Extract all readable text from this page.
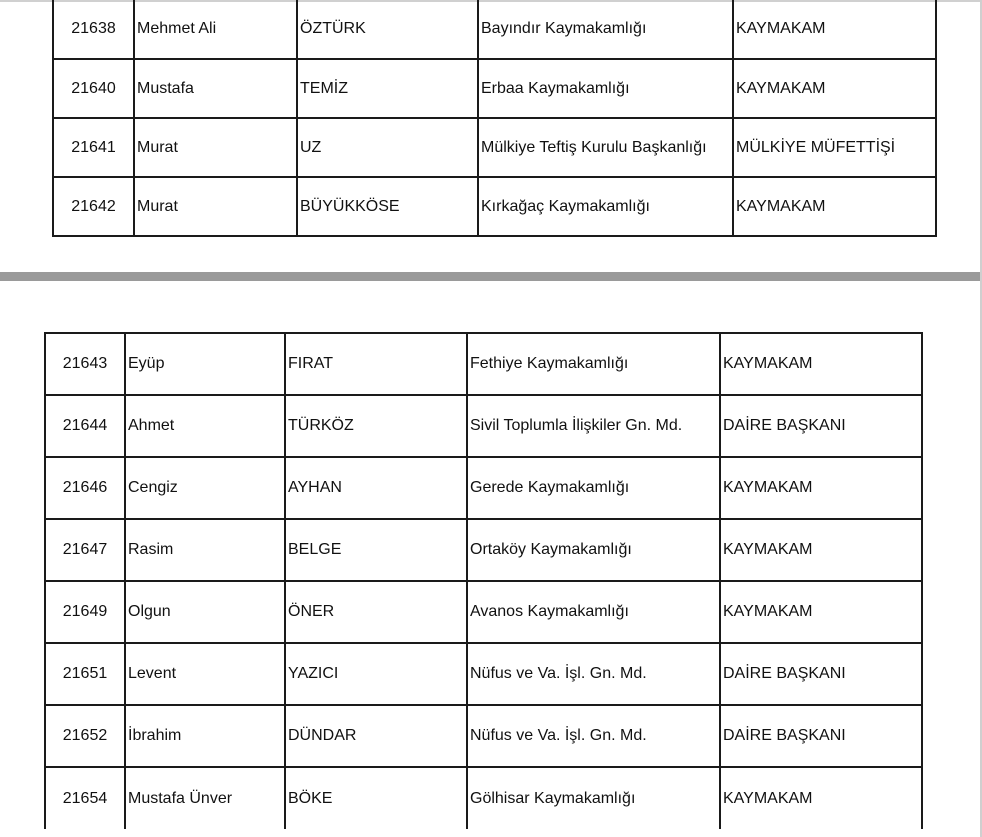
21638	Mehmet Ali	ÖZTÜRK	Bayındır Kaymakamlığı	KAYMAKAM
21640	Mustafa	TEMİZ	Erbaa Kaymakamlığı	KAYMAKAM
21641	Murat	UZ	Mülkiye Teftiş Kurulu Başkanlığı	MÜLKİYE MÜFETTİŞİ
21642	Murat	BÜYÜKKÖSE	Kırkağaç Kaymakamlığı	KAYMAKAM
21643	Eyüp	FIRAT	Fethiye Kaymakamlığı	KAYMAKAM
21644	Ahmet	TÜRKÖZ	Sivil Toplumla İlişkiler Gn. Md.	DAİRE BAŞKANI
21646	Cengiz	AYHAN	Gerede Kaymakamlığı	KAYMAKAM
21647	Rasim	BELGE	Ortaköy Kaymakamlığı	KAYMAKAM
21649	Olgun	ÖNER	Avanos Kaymakamlığı	KAYMAKAM
21651	Levent	YAZICI	Nüfus ve Va. İşl. Gn. Md.	DAİRE BAŞKANI
21652	İbrahim	DÜNDAR	Nüfus ve Va. İşl. Gn. Md.	DAİRE BAŞKANI
21654	Mustafa Ünver	BÖKE	Gölhisar Kaymakamlığı	KAYMAKAM
